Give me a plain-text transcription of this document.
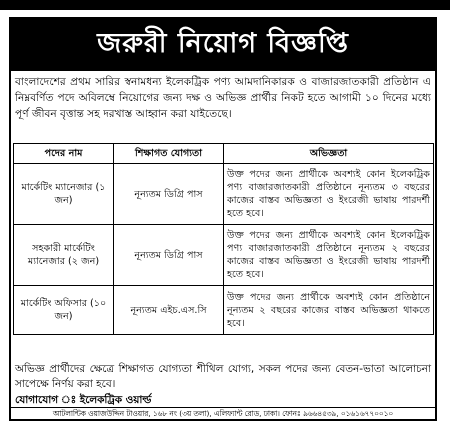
জরুরী নিয়োগ বিজ্ঞপ্তি
বাংলাদেশের প্রথম সারির স্বনামধন্য ইলেকট্রিক পণ্য আমদানিকারক ও বাজারজাতকারী প্রতিষ্ঠান এ নিম্নবর্ণিত পদে অবিলম্বে নিয়োগের জন্য দক্ষ ও অভিজ্ঞ প্রার্থীর নিকট হতে আগামী ১০ দিনের মধ্যে পূর্ণ জীবন বৃত্তান্ত সহ দরখাস্ত আহ্বান করা যাইতেছে।
পদের নাম	শিক্ষাগত যোগ্যতা	অভিজ্ঞতা
মার্কেটিং ম্যানেজার (১ জন)	নূন্যতম ডিগ্রি পাস	উক্ত পদের জন্য প্রার্থীকে অবশ্যই কোন ইলেকট্রিক পণ্য বাজারজাতকারী প্রতিষ্ঠানে নূন্যতম ৩ বছরের কাজের বাস্তব অভিজ্ঞতা ও ইংরেজী ভাষায় পারদর্শী হতে হবে।
সহকারী মার্কেটিং ম্যানেজার (২ জন)	নূন্যতম ডিগ্রি পাস	উক্ত পদের জন্য প্রার্থীকে অবশ্যই কোন ইলেকট্রিক পণ্য বাজারজাতকারী প্রতিষ্ঠানে নূন্যতম ২ বছরের কাজের বাস্তব অভিজ্ঞতা ও ইংরেজী ভাষায় পারদর্শী হতে হবে।
মার্কেটিং অফিসার (১০ জন)	নূন্যতম এইচ.এস.সি	উক্ত পদের জন্য প্রার্থীকে অবশ্যই কোন প্রতিষ্ঠানে নূন্যতম ২ বছরের কাজের বাস্তব অভিজ্ঞতা থাকতে হবে।
অভিজ্ঞ প্রার্থীদের ক্ষেত্রে শিক্ষাগত যোগ্যতা শীথিল যোগ্য, সকল পদের জন্য বেতন-ভাতা আলোচনা সাপেক্ষে নির্ণয় করা হবে।
যোগাযোগ ঃ ইলেকট্রিক ওয়ার্ল্ড
আটলান্টিক ওয়াজউদ্দিন টাওয়ার, ১৬৮ নং (৩য় তলা), এলিফ্যান্ট রোড, ঢাকা। ফোনঃ ৯৬৬৪৫৩৯, ০১৬১৬৭৭০০১০
